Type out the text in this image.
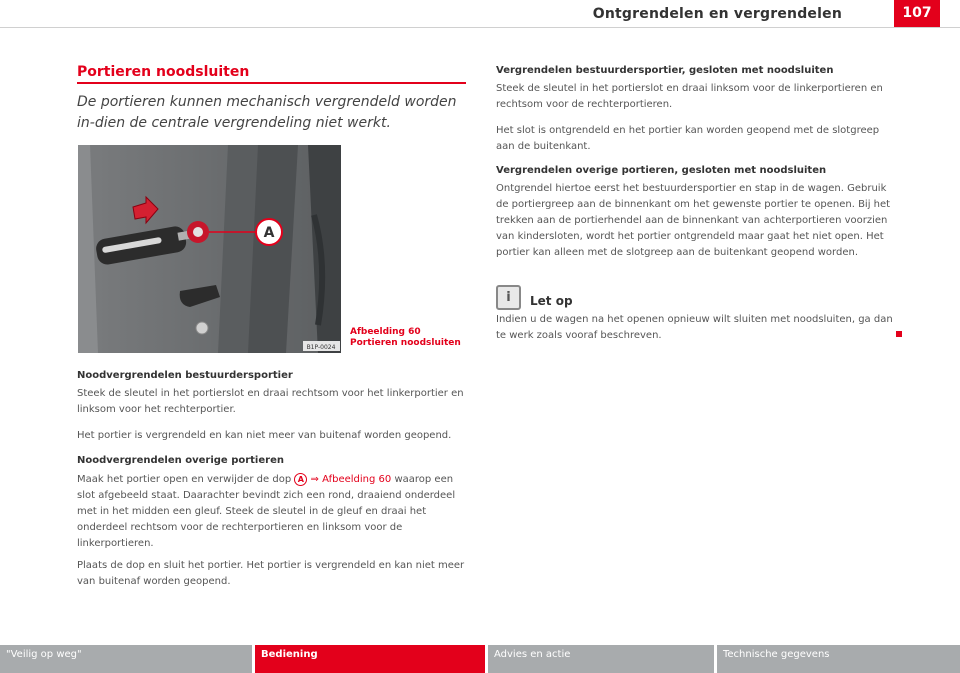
Ontgrendelen en vergrendelen	107
Portieren noodsluiten
De portieren kunnen mechanisch vergrendeld worden in-dien de centrale vergrendeling niet werkt.
A
B1P-0024
Afbeelding 60 Portieren noodsluiten
Noodvergrendelen bestuurdersportier
Steek de sleutel in het portierslot en draai rechtsom voor het linkerportier en linksom voor het rechterportier.
Het portier is vergrendeld en kan niet meer van buitenaf worden geopend.
Noodvergrendelen overige portieren
Maak het portier open en verwijder de dop A ⇒ Afbeelding 60 waarop een slot afgebeeld staat. Daarachter bevindt zich een rond, draaiend onderdeel met in het midden een gleuf. Steek de sleutel in de gleuf en draai het onderdeel rechtsom voor de rechterportieren en linksom voor de linkerportieren.
Plaats de dop en sluit het portier. Het portier is vergrendeld en kan niet meer van buitenaf worden geopend.
Vergrendelen bestuurdersportier, gesloten met noodsluiten
Steek de sleutel in het portierslot en draai linksom voor de linkerportieren en rechtsom voor de rechterportieren.
Het slot is ontgrendeld en het portier kan worden geopend met de slotgreep aan de buitenkant.
Vergrendelen overige portieren, gesloten met noodsluiten
Ontgrendel hiertoe eerst het bestuurdersportier en stap in de wagen. Gebruik de portiergreep aan de binnenkant om het gewenste portier te openen. Bij het trekken aan de portierhendel aan de binnenkant van achterportieren voorzien van kindersloten, wordt het portier ontgrendeld maar gaat het niet open. Het portier kan alleen met de slotgreep aan de buitenkant geopend worden.
i	Let op
Indien u de wagen na het openen opnieuw wilt sluiten met noodsluiten, ga dan te werk zoals vooraf beschreven.
"Veilig op weg"	Bediening	Advies en actie	Technische gegevens
